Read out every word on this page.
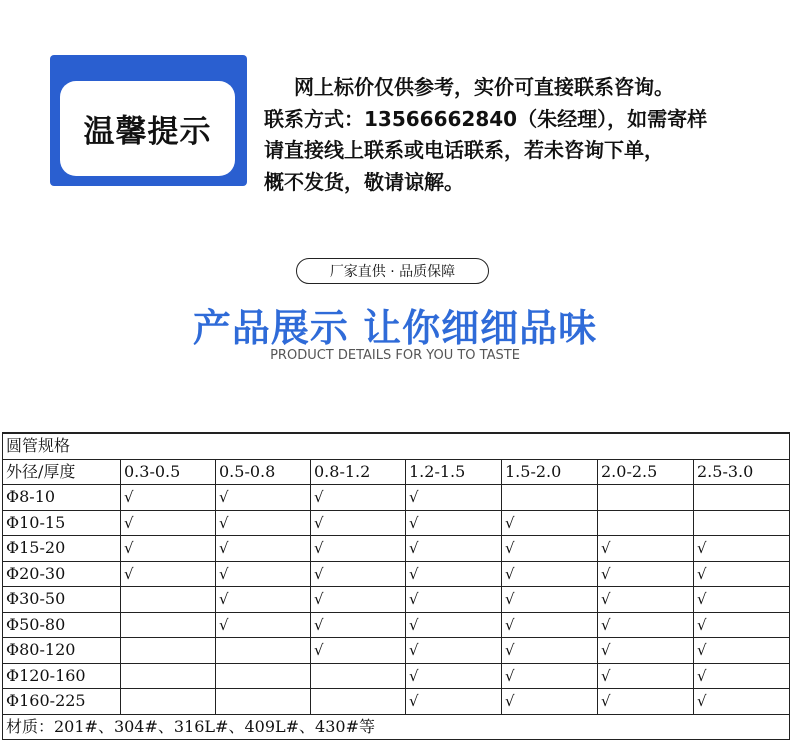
温馨提示
网上标价仅供参考，实价可直接联系咨询。
联系方式：13566662840（朱经理），如需寄样
请直接线上联系或电话联系，若未咨询下单，
概不发货，敬请谅解。
厂家直供 · 品质保障
产品展示 让你细细品味
PRODUCT DETAILS FOR YOU TO TASTE
圆管规格							
外径/厚度	0.3-0.5	0.5-0.8	0.8-1.2	1.2-1.5	1.5-2.0	2.0-2.5	2.5-3.0
Φ8-10	√	√	√	√			
Φ10-15	√	√	√	√	√		
Φ15-20	√	√	√	√	√	√	√
Φ20-30	√	√	√	√	√	√	√
Φ30-50		√	√	√	√	√	√
Φ50-80		√	√	√	√	√	√
Φ80-120			√	√	√	√	√
Φ120-160				√	√	√	√
Φ160-225				√	√	√	√
材质：201#、304#、316L#、409L#、430#等							
